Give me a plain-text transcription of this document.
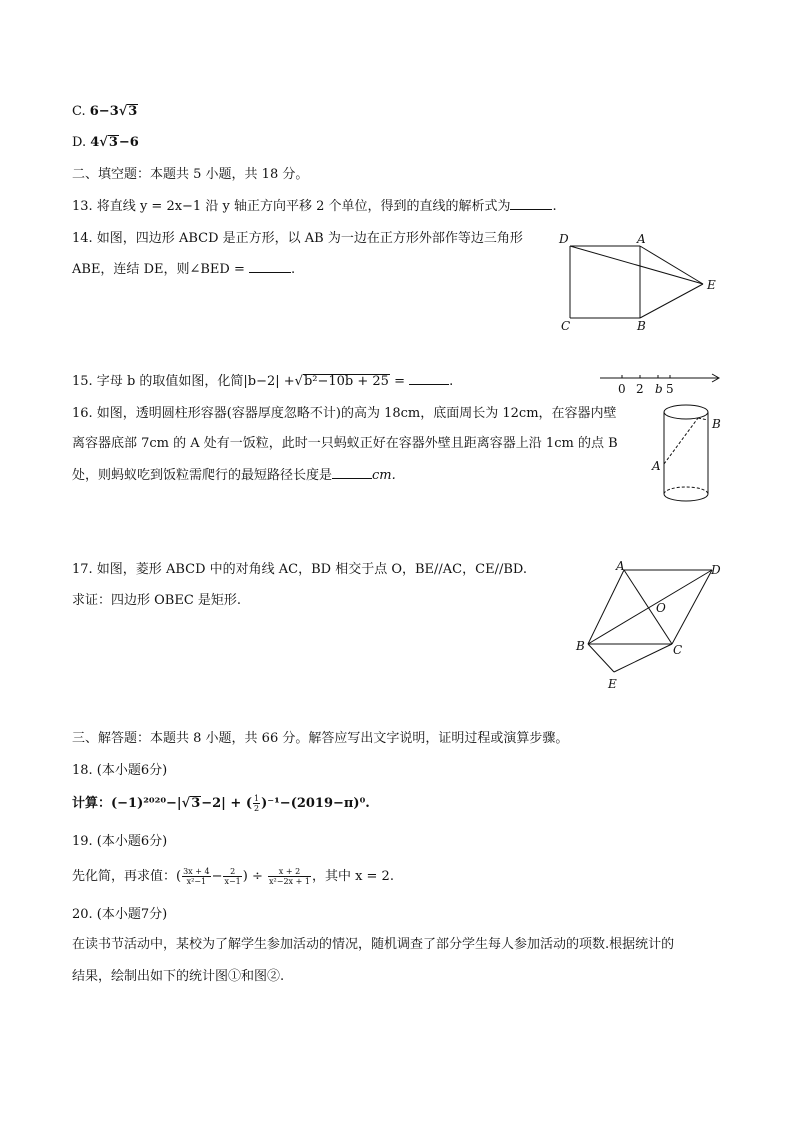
C. 6−3√3
D. 4√3−6
二、填空题：本题共 5 小题，共 18 分。
13. 将直线 y = 2x−1 沿 y 轴正方向平移 2 个单位，得到的直线的解析式为	.
14. 如图，四边形 ABCD 是正方形，以 AB 为一边在正方形外部作等边三角形
ABE，连结 DE，则∠BED =	.
D	A
E
C	B
15. 字母 b 的取值如图，化简|b−2| +√b²−10b + 25 =	.	0 2 b 5
16. 如图，透明圆柱形容器(容器厚度忽略不计)的高为 18cm，底面周长为 12cm，在容器内壁
离容器底部 7cm 的 A 处有一饭粒，此时一只蚂蚁正好在容器外壁且距离容器上沿 1cm 的点 B
处，则蚂蚁吃到饭粒需爬行的最短路径长度是	cm.
B
A
17. 如图，菱形 ABCD 中的对角线 AC，BD 相交于点 O，BE//AC，CE//BD.
求证：四边形 OBEC 是矩形.
A	D
O
B	C
E
三、解答题：本题共 8 小题，共 66 分。解答应写出文字说明，证明过程或演算步骤。
18. (本小题6分)
计算：(−1)²⁰²⁰−|√3−2| + ( $\frac{1}{2} )^{-1}-(2019-\pi)^0$.
19. (本小题6分)
先化简，再求值：( $\frac{3x + 4}{\text{x²−1}} - \frac{2}{x-1}$ ) ÷ $\frac{x + 2}{\text{x²−2x + 1}}$ ，其中 x = 2.
20. (本小题7分)
在读书节活动中，某校为了解学生参加活动的情况，随机调查了部分学生每人参加活动的项数.根据统计的
结果，绘制出如下的统计图①和图②.
